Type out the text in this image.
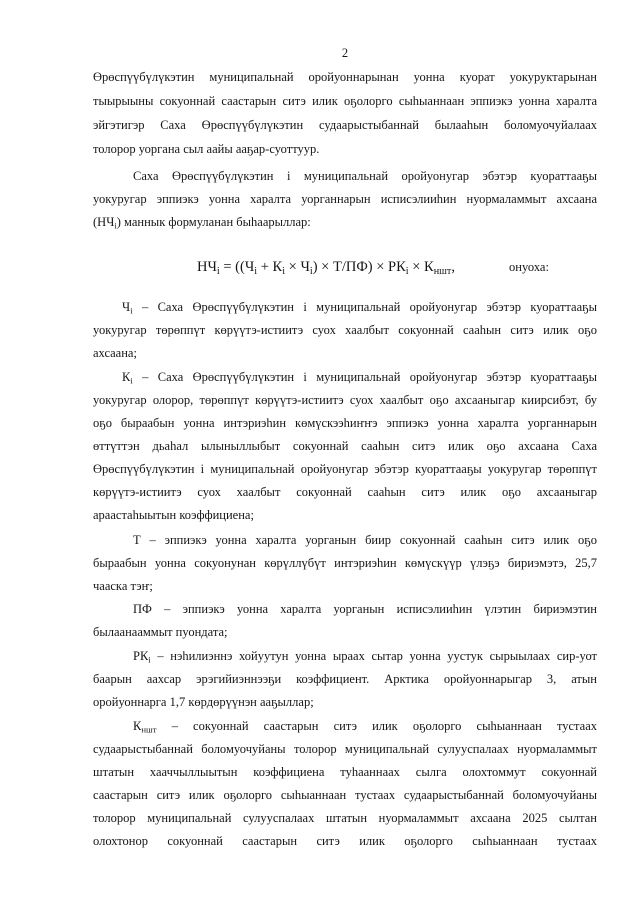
2
Өрөспүүбүлүкэтин муниципальнай оройуоннарынан уонна куорат уокуруктарынан
тыырыыны сокуоннай саастарын ситэ илик оҕолорго сыһыаннаан эппиэкэ уонна харалта
эйгэтигэр Саха Өрөспүүбүлүкэтин судаарыстыбаннай былааһын боломуочуйалаах
толорор уоргана сыл аайы ааҕар-суоттуур.
Саха Өрөспүүбүлүкэтин і муниципальнай оройуонугар эбэтэр куораттааҕы
уокуругар эппиэкэ уонна харалта уорганнарын исписэлииһин нуормаламмыт ахсаана
$(НЧ_і)$ маннык формуланан быһаарыллар:
$НЧ_і = ((Ч_і + К_і \times Ч_і) \times Т/ПФ) \times РК_і \times К_{ншт}$,	онуоха:
$Ч_і$ – Саха Өрөспүүбүлүкэтин і муниципальнай оройуонугар эбэтэр куораттааҕы
уокуругар төрөппүт көрүүтэ-истиитэ суох хаалбыт сокуоннай сааһын ситэ илик оҕо
ахсаана;
$К_і$ – Саха Өрөспүүбүлүкэтин і муниципальнай оройуонугар эбэтэр куораттааҕы
уокуругар олорор, төрөппүт көрүүтэ-истиитэ суох хаалбыт оҕо ахсааныгар киирсибэт, бу
оҕо быраабын уонна интэриэһин көмүскээһиҥҥэ эппиэкэ уонна харалта уорганнарын
өттүттэн дьаһал ылыныллыбыт сокуоннай сааһын ситэ илик оҕо ахсаана Саха
Өрөспүүбүлүкэтин і муниципальнай оройуонугар эбэтэр куораттааҕы уокуругар төрөппүт
көрүүтэ-истиитэ суох хаалбыт сокуоннай сааһын ситэ илик оҕо ахсааныгар
араастаһыытын коэффициена;
Т – эппиэкэ уонна харалта уорганын биир сокуоннай сааһын ситэ илик оҕо
быраабын уонна сокуонунан көрүллүбүт интэриэһин көмүскүүр үлэҕэ бириэмэтэ, 25,7
чааска тэҥ;
ПФ – эппиэкэ уонна харалта уорганын исписэлииһин үлэтин бириэмэтин
былаанааммыт пуондата;
$РК_і$ – нэһилиэннэ хойуутун уонна ыраах сытар уонна уустук сырыылаах сир-уот
баарын аахсар эрэгийиэннээҕи коэффициент. Арктика оройуоннарыгар 3, атын
оройуоннарга 1,7 көрдөрүүнэн ааҕыллар;
$К_{ншт}$ – сокуоннай саастарын ситэ илик оҕолорго сыһыаннаан тустаах
судаарыстыбаннай боломуочуйаны толорор муниципальнай сулууспалаах нуормаламмыт
штатын хааччыллыытын коэффициена туһааннаах сылга олохтоммут сокуоннай
саастарын ситэ илик оҕолорго сыһыаннаан тустаах судаарыстыбаннай боломуочуйаны
толорор муниципальнай сулууспалаах штатын нуормаламмыт ахсаана 2025 сылтан
олохтонор сокуоннай саастарын ситэ илик оҕолорго сыһыаннаан тустаах
